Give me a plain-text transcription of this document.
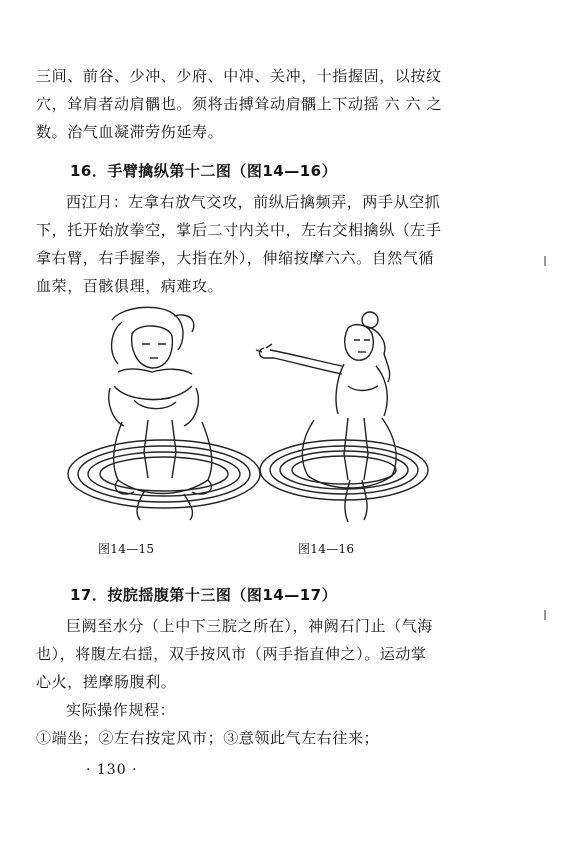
三间、前谷、少冲、少府、中冲、关冲，十指握固，以按纹
穴，耸肩者动肩髃也。须将击搏耸动肩髃上下动摇 六 六 之
数。治气血凝滞劳伤延寿。

16．手臂擒纵第十二图（图14—16）

西江月：左拿右放气交攻，前纵后擒频弄，两手从空抓
下，托开始放拳空，掌后二寸内关中，左右交相擒纵（左手
拿右臂，右手握拳，大指在外），伸缩按摩六六。自然气循
血荣，百骸俱理，病难攻。

图14—15	图14—16
17．按脘揺腹第十三图（图14—17）

巨阙至水分（上中下三脘之所在），神阙石门止（气海
也），将腹左右揺，双手按风市（两手指直伸之）。运动掌
心火，搓摩肠腹利。

实际操作规程：
①端坐；②左右按定风市；③意领此气左右往来；

· 130 ·
